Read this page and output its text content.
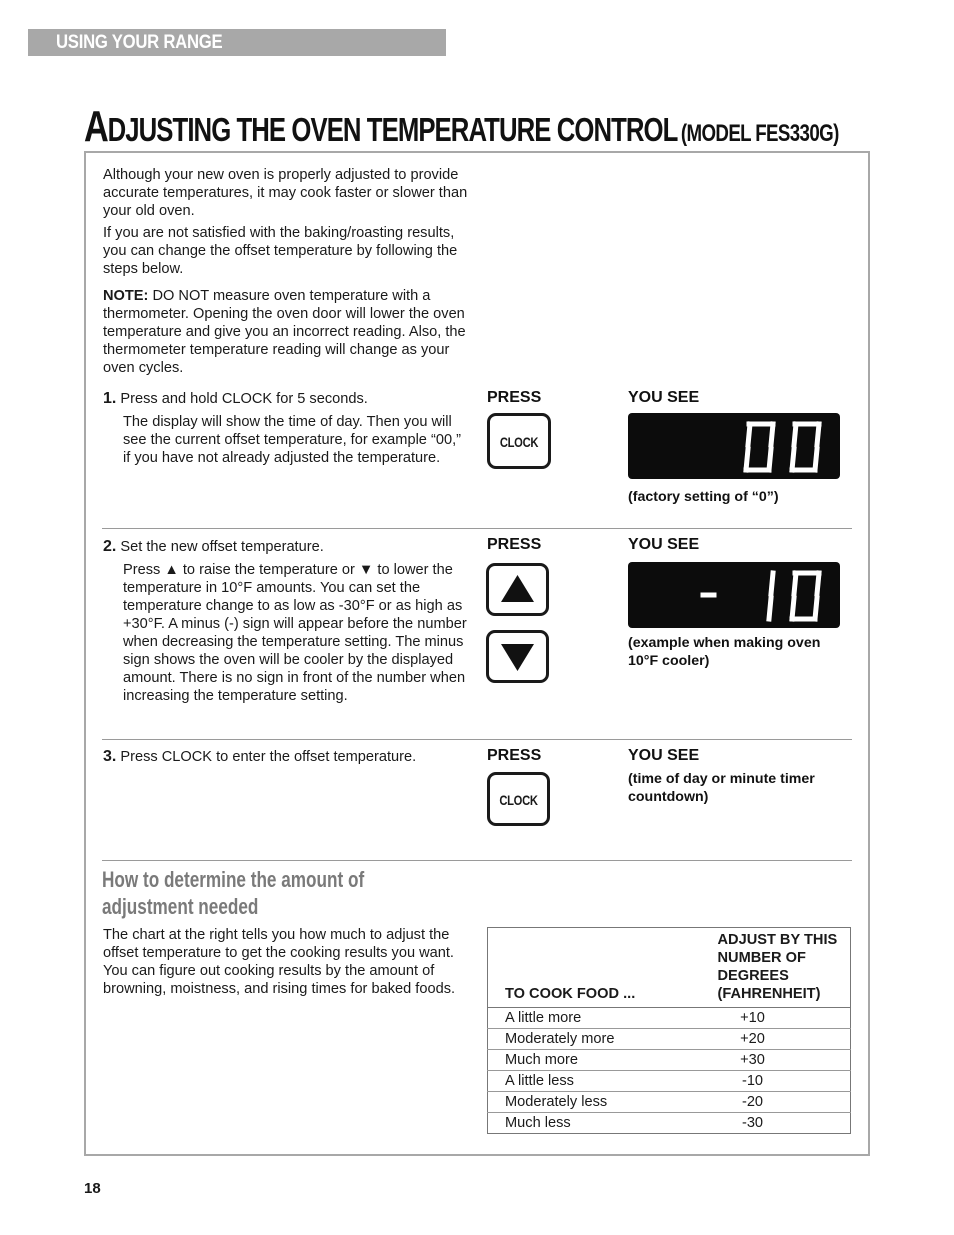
USING YOUR RANGE
ADJUSTING THE OVEN TEMPERATURE CONTROL (MODEL FES330G)

Although your new oven is properly adjusted to provide accurate temperatures, it may cook faster or slower than your old oven.

If you are not satisfied with the baking/roasting results, you can change the offset temperature by following the steps below.

NOTE: DO NOT measure oven temperature with a thermometer. Opening the oven door will lower the oven temperature and give you an incorrect reading. Also, the thermometer temperature reading will change as your oven cycles.

1. Press and hold CLOCK for 5 seconds.

The display will show the time of day. Then you will see the current offset temperature, for example “00,” if you have not already adjusted the temperature.

PRESS	YOU SEE
CLOCK
(factory setting of “0”)

2. Set the new offset temperature.

Press ▲ to raise the temperature or ▼ to lower the temperature in 10°F amounts. You can set the temperature change to as low as -30°F or as high as +30°F. A minus (-) sign will appear before the number when decreasing the temperature setting. The minus sign shows the oven will be cooler by the displayed amount. There is no sign in front of the number when increasing the temperature setting.

PRESS	YOU SEE
(example when making oven 10°F cooler)

3. Press CLOCK to enter the offset temperature.	PRESS	YOU SEE
CLOCK
(time of day or minute timer countdown)
How to determine the amount of adjustment needed

The chart at the right tells you how much to adjust the offset temperature to get the cooking results you want. You can figure out cooking results by the amount of browning, moistness, and rising times for baked foods.	TO COOK FOOD ...	ADJUST BY THIS NUMBER OF DEGREES (FAHRENHEIT)
A little more	+10
Moderately more	+20
Much more	+30
A little less	-10
Moderately less	-20
Much less	-30
18
